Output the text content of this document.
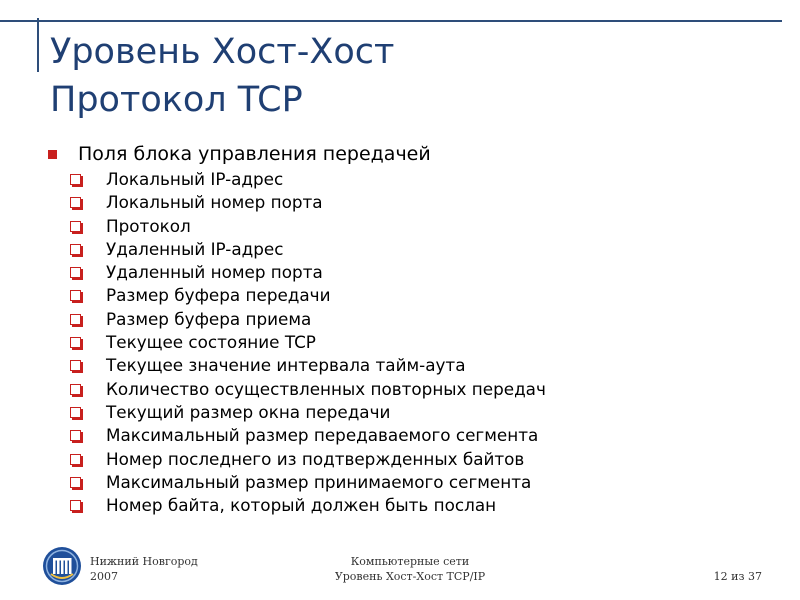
Уровень Хост-Хост
Протокол TCP
Поля блока управления передачей
Локальный IP-адрес
Локальный номер порта
Протокол
Удаленный IP-адрес
Удаленный номер порта
Размер буфера передачи
Размер буфера приема
Текущее состояние TCP
Текущее значение интервала тайм-аута
Количество осуществленных повторных передач
Текущий размер окна передачи
Максимальный размер передаваемого сегмента
Номер последнего из подтвержденных байтов
Максимальный размер принимаемого сегмента
Номер байта, который должен быть послан
Нижний Новгород
2007
Компьютерные сети
Уровень Хост-Хост TCP/IP	12 из 37
